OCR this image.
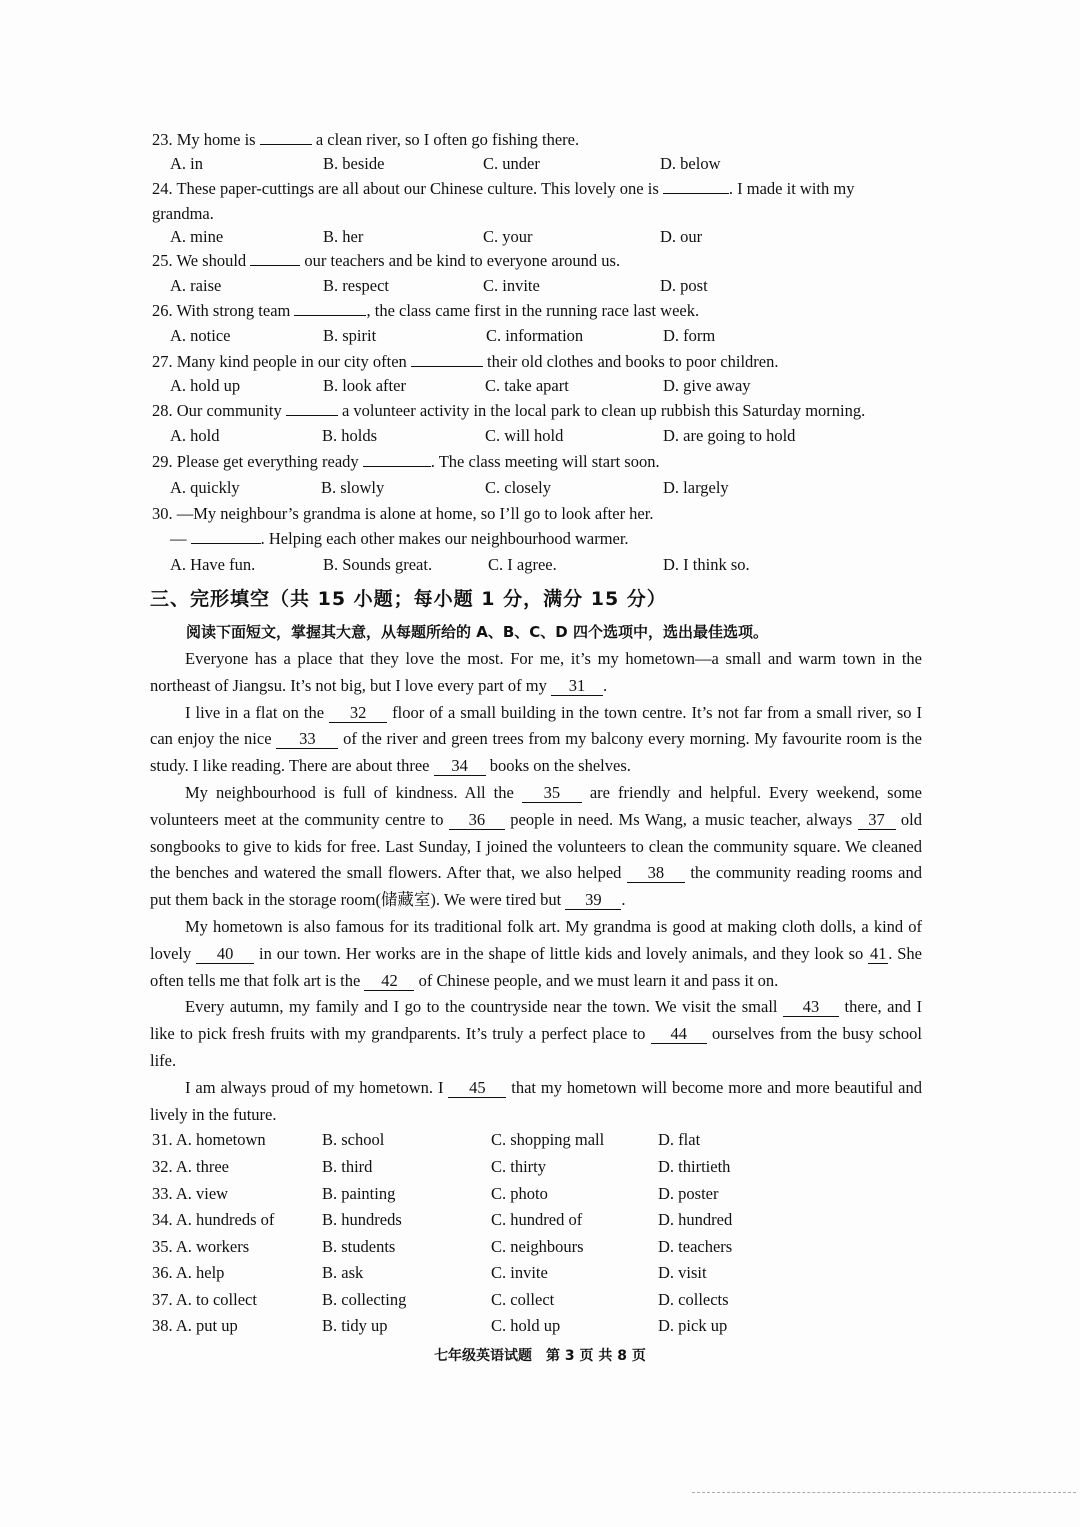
23. My home is	a clean river, so I often go fishing there.
A. in	B. beside	C. under	D. below
24. These paper-cuttings are all about our Chinese culture. This lovely one is	. I made it with my grandma.
A. mine	B. her	C. your	D. our
25. We should	our teachers and be kind to everyone around us.
A. raise	B. respect	C. invite	D. post
26. With strong team	, the class came first in the running race last week.
A. notice	B. spirit	C. information	D. form
27. Many kind people in our city often	their old clothes and books to poor children.
A. hold up	B. look after	C. take apart	D. give away
28. Our community	a volunteer activity in the local park to clean up rubbish this Saturday morning.
A. hold	B. holds	C. will hold	D. are going to hold
29. Please get everything ready	. The class meeting will start soon.
A. quickly	B. slowly	C. closely	D. largely
30. —My neighbour’s grandma is alone at home, so I’ll go to look after her.
—	. Helping each other makes our neighbourhood warmer.
A. Have fun.	B. Sounds great.	C. I agree.	D. I think so.
三、完形填空（共 15 小题；每小题 1 分，满分 15 分）
阅读下面短文，掌握其大意，从每题所给的 A、B、C、D 四个选项中，选出最佳选项。

Everyone has a place that they love the most. For me, it’s my hometown—a small and warm town in the northeast of Jiangsu. It’s not big, but I love every part of my 31 .

I live in a flat on the 32 floor of a small building in the town centre. It’s not far from a small river, so I can enjoy the nice 33 of the river and green trees from my balcony every morning. My favourite room is the study. I like reading. There are about three 34 books on the shelves.

My neighbourhood is full of kindness. All the 35 are friendly and helpful. Every weekend, some volunteers meet at the community centre to 36 people in need. Ms Wang, a music teacher, always 37 old songbooks to give to kids for free. Last Sunday, I joined the volunteers to clean the community square. We cleaned the benches and watered the small flowers. After that, we also helped 38 the community reading rooms and put them back in the storage room(储藏室). We were tired but 39 .

My hometown is also famous for its traditional folk art. My grandma is good at making cloth dolls, a kind of lovely 40 in our town. Her works are in the shape of little kids and lovely animals, and they look so 41 . She often tells me that folk art is the 42 of Chinese people, and we must learn it and pass it on.

Every autumn, my family and I go to the countryside near the town. We visit the small 43 there, and I like to pick fresh fruits with my grandparents. It’s truly a perfect place to 44 ourselves from the busy school life.

I am always proud of my hometown. I 45 that my hometown will become more and more beautiful and lively in the future.

31. A. hometown	B. school	C. shopping mall	D. flat
32. A. three	B. third	C. thirty	D. thirtieth
33. A. view	B. painting	C. photo	D. poster
34. A. hundreds of	B. hundreds	C. hundred of	D. hundred
35. A. workers	B. students	C. neighbours	D. teachers
36. A. help	B. ask	C. invite	D. visit
37. A. to collect	B. collecting	C. collect	D. collects
38. A. put up	B. tidy up	C. hold up	D. pick up
七年级英语试题　第 3 页 共 8 页
